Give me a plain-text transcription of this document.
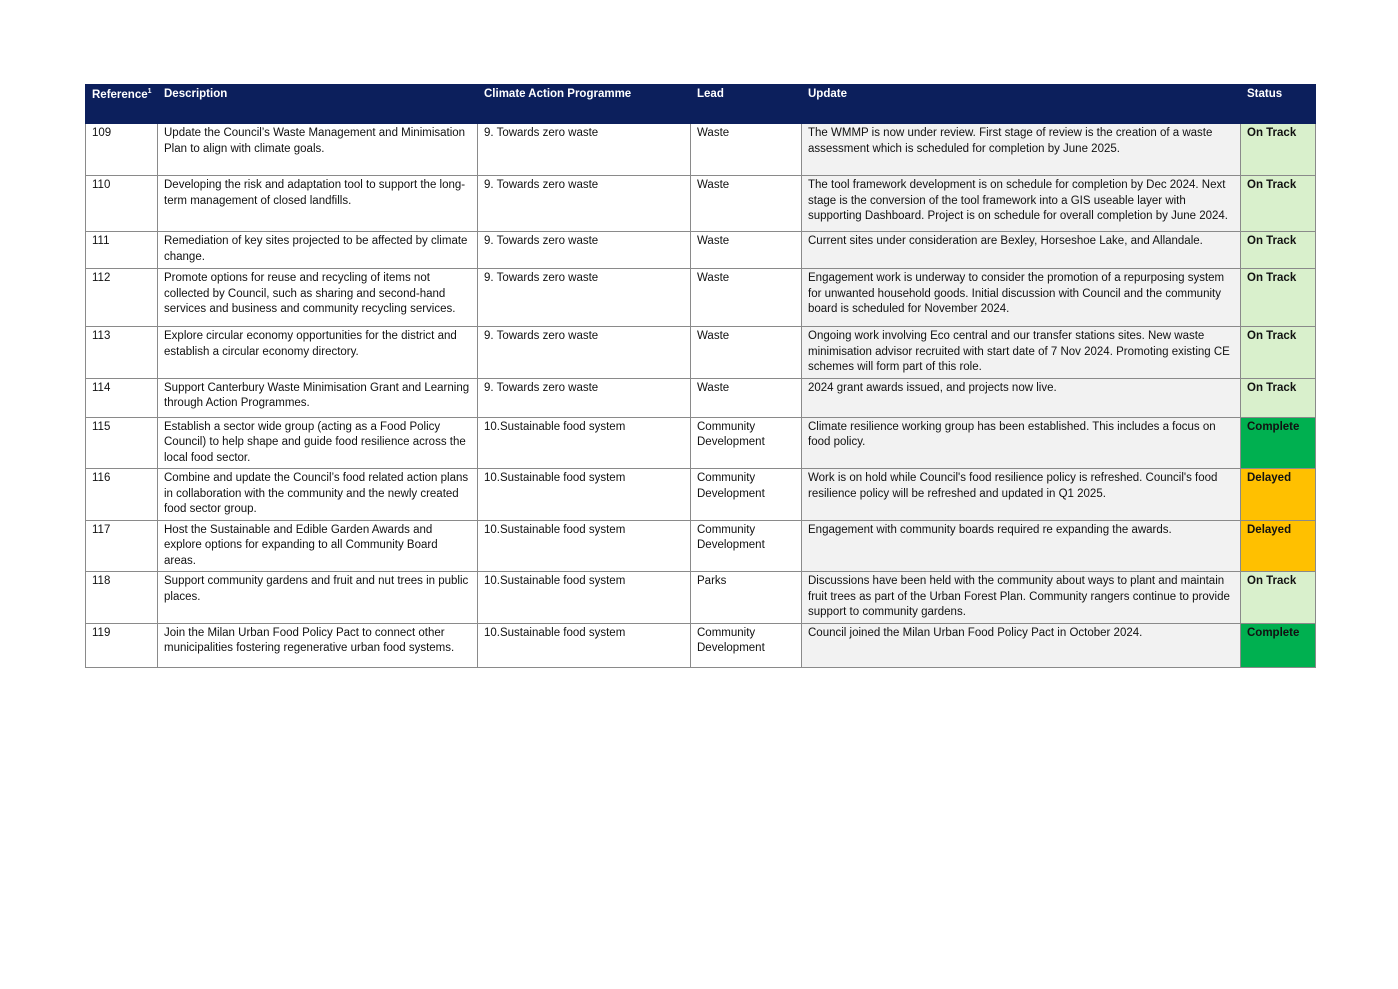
Reference$^1$	Description	Climate Action Programme	Lead	Update	Status
109	Update the Council’s Waste Management and Minimisation Plan to align with climate goals.	9. Towards zero waste	Waste	The WMMP is now under review. First stage of review is the creation of a waste assessment which is scheduled for completion by June 2025.	On Track
110	Developing the risk and adaptation tool to support the long-term management of closed landfills.	9. Towards zero waste	Waste	The tool framework development is on schedule for completion by Dec 2024. Next stage is the conversion of the tool framework into a GIS useable layer with supporting Dashboard. Project is on schedule for overall completion by June 2024.	On Track
111	Remediation of key sites projected to be affected by climate change.	9. Towards zero waste	Waste	Current sites under consideration are Bexley, Horseshoe Lake, and Allandale.	On Track
112	Promote options for reuse and recycling of items not collected by Council, such as sharing and second-hand services and business and community recycling services.	9. Towards zero waste	Waste	Engagement work is underway to consider the promotion of a repurposing system for unwanted household goods. Initial discussion with Council and the community board is scheduled for November 2024.	On Track
113	Explore circular economy opportunities for the district and establish a circular economy directory.	9. Towards zero waste	Waste	Ongoing work involving Eco central and our transfer stations sites. New waste minimisation advisor recruited with start date of 7 Nov 2024. Promoting existing CE schemes will form part of this role.	On Track
114	Support Canterbury Waste Minimisation Grant and Learning through Action Programmes.	9. Towards zero waste	Waste	2024 grant awards issued, and projects now live.	On Track
115	Establish a sector wide group (acting as a Food Policy Council) to help shape and guide food resilience across the local food sector.	10.Sustainable food system	Community Development	Climate resilience working group has been established. This includes a focus on food policy.	Complete
116	Combine and update the Council’s food related action plans in collaboration with the community and the newly created food sector group.	10.Sustainable food system	Community Development	Work is on hold while Council's food resilience policy is refreshed. Council's food resilience policy will be refreshed and updated in Q1 2025.	Delayed
117	Host the Sustainable and Edible Garden Awards and explore options for expanding to all Community Board areas.	10.Sustainable food system	Community Development	Engagement with community boards required re expanding the awards.	Delayed
118	Support community gardens and fruit and nut trees in public places.	10.Sustainable food system	Parks	Discussions have been held with the community about ways to plant and maintain fruit trees as part of the Urban Forest Plan. Community rangers continue to provide support to community gardens.	On Track
119	Join the Milan Urban Food Policy Pact to connect other municipalities fostering regenerative urban food systems.	10.Sustainable food system	Community Development	Council joined the Milan Urban Food Policy Pact in October 2024.	Complete
